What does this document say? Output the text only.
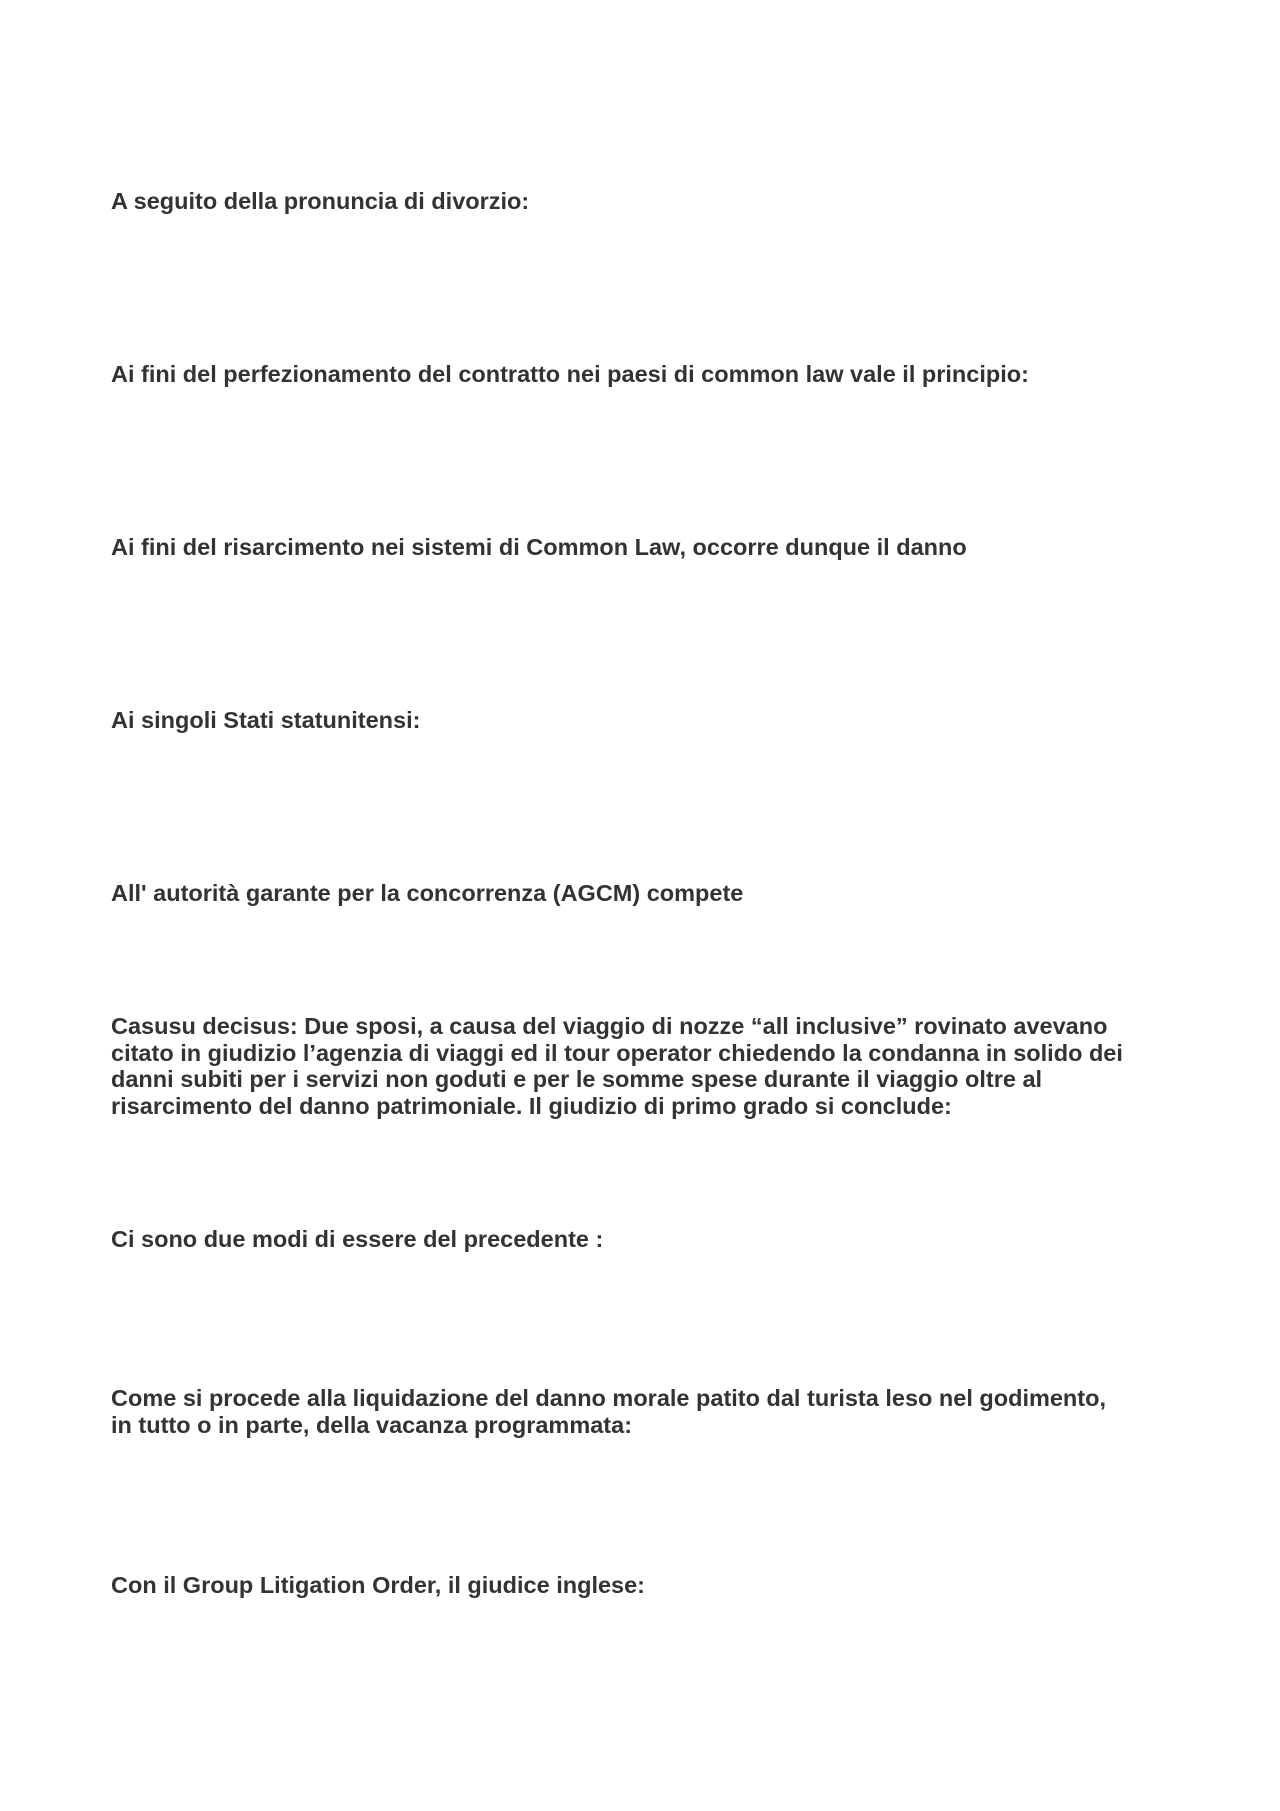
A seguito della pronuncia di divorzio:

Ai fini del perfezionamento del contratto nei paesi di common law vale il principio:

Ai fini del risarcimento nei sistemi di Common Law, occorre dunque il danno

Ai singoli Stati statunitensi:

All' autorità garante per la concorrenza (AGCM) compete

Casusu decisus: Due sposi, a causa del viaggio di nozze “all inclusive” rovinato avevano citato in giudizio l’agenzia di viaggi ed il tour operator chiedendo la condanna in solido dei danni subiti per i servizi non goduti e per le somme spese durante il viaggio oltre al risarcimento del danno patrimoniale. Il giudizio di primo grado si conclude:

Ci sono due modi di essere del precedente :

Come si procede alla liquidazione del danno morale patito dal turista leso nel godimento, in tutto o in parte, della vacanza programmata:

Con il Group Litigation Order, il giudice inglese:
